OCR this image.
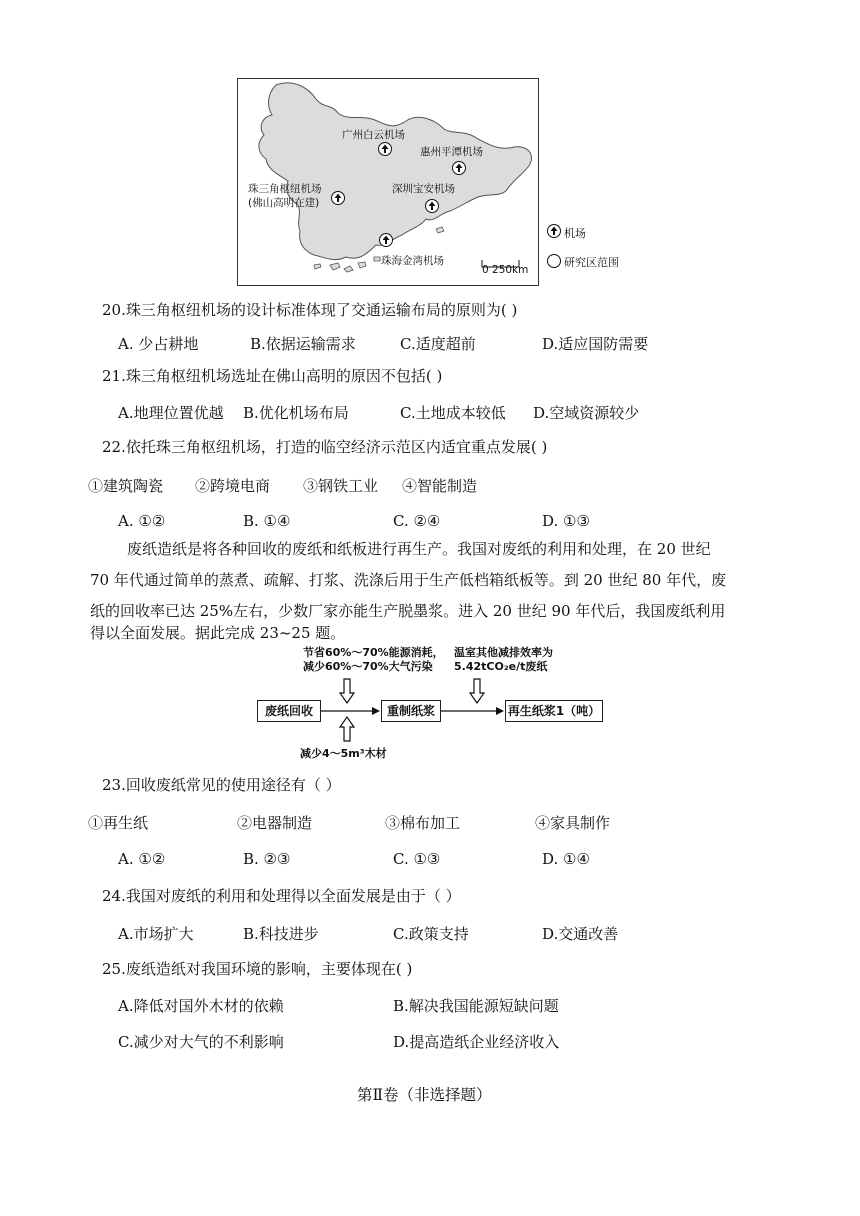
广州白云机场
惠州平潭机场
珠三角枢纽机场
(佛山高明在建)
深圳宝安机场
珠海金湾机场
0 250km
机场
研究区范围
20.珠三角枢纽机场的设计标准体现了交通运输布局的原则为( )
A. 少占耕地	B.依据运输需求	C.适度超前	D.适应国防需要
21.珠三角枢纽机场选址在佛山高明的原因不包括( )
A.地理位置优越 B.优化机场布局	C.土地成本较低 D.空域资源较少
22.依托珠三角枢纽机场，打造的临空经济示范区内适宜重点发展( )
①建筑陶瓷 ②跨境电商 ③钢铁工业 ④智能制造
A. ①②	B. ①④	C. ②④	D. ①③
废纸造纸是将各种回收的废纸和纸板进行再生产。我国对废纸的利用和处理，在 20 世纪
70 年代通过简单的蒸煮、疏解、打浆、洗涤后用于生产低档箱纸板等。到 20 世纪 80 年代，废
纸的回收率已达 25%左右，少数厂家亦能生产脱墨浆。进入 20 世纪 90 年代后，我国废纸利用
得以全面发展。据此完成 23~25 题。
节省60%～70%能源消耗，
减少60%～70%大气污染
温室其他减排效率为
5.42tCO₂e/t废纸
废纸回收	重制纸浆	再生纸浆1（吨）
减少4～5m³木材
23.回收废纸常见的使用途径有（ ）
①再生纸	②电器制造	③棉布加工	④家具制作
A. ①②	B. ②③	C. ①③	D. ①④
24.我国对废纸的利用和处理得以全面发展是由于（ ）
A.市场扩大	B.科技进步	C.政策支持	D.交通改善
25.废纸造纸对我国环境的影响，主要体现在( )
A.降低对国外木材的依赖	B.解决我国能源短缺问题
C.减少对大气的不利影响	D.提高造纸企业经济收入
第Ⅱ卷（非选择题）
